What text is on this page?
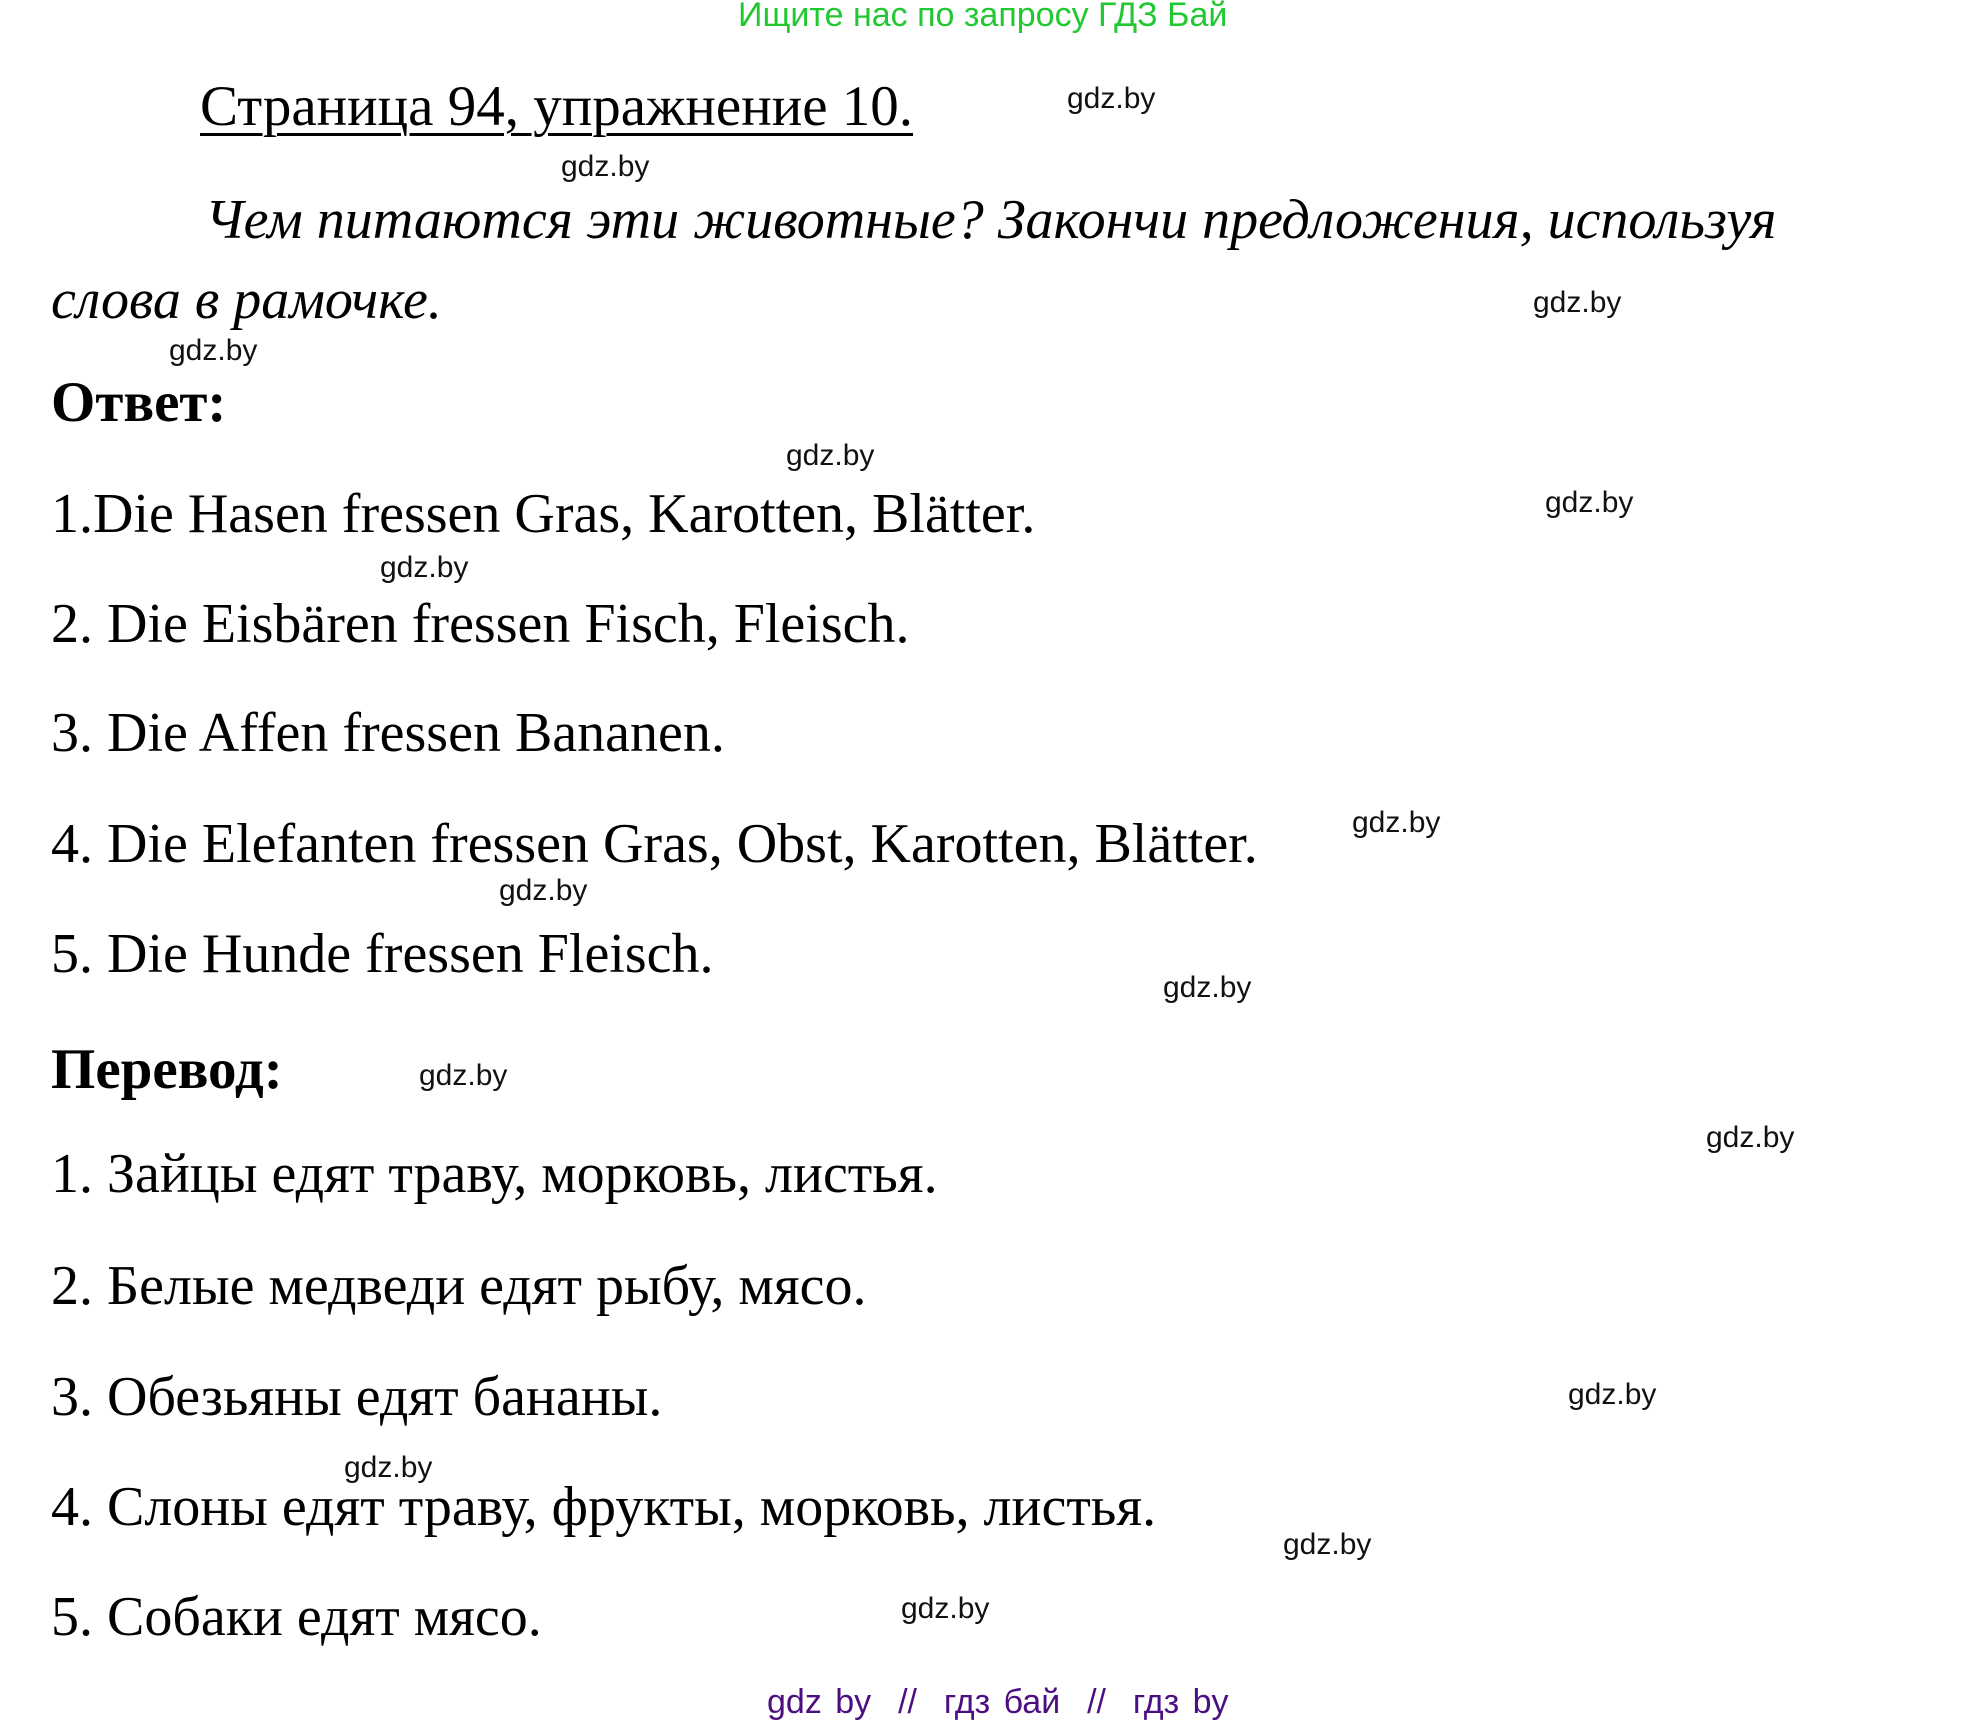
Ищите нас по запросу ГДЗ Бай
Страница 94, упражнение 10.
Чем питаются эти животные? Закончи предложения, используя
слова в рамочке.
Ответ:
1.Die Hasen fressen Gras, Karotten, Blätter.
2. Die Eisbären fressen Fisch, Fleisch.
3. Die Affen fressen Bananen.
4. Die Elefanten fressen Gras, Obst, Karotten, Blätter.
5. Die Hunde fressen Fleisch.
Перевод:
1. Зайцы едят траву, морковь, листья.
2. Белые медведи едят рыбу, мясо.
3. Обезьяны едят бананы.
4. Слоны едят траву, фрукты, морковь, листья.
5. Собаки едят мясо.
gdz.by
gdz.by
gdz.by
gdz.by
gdz.by
gdz.by
gdz.by
gdz.by
gdz.by
gdz.by
gdz.by
gdz.by
gdz.by
gdz.by
gdz.by
gdz.by
gdz by  //  гдз бай  //  гдз by
